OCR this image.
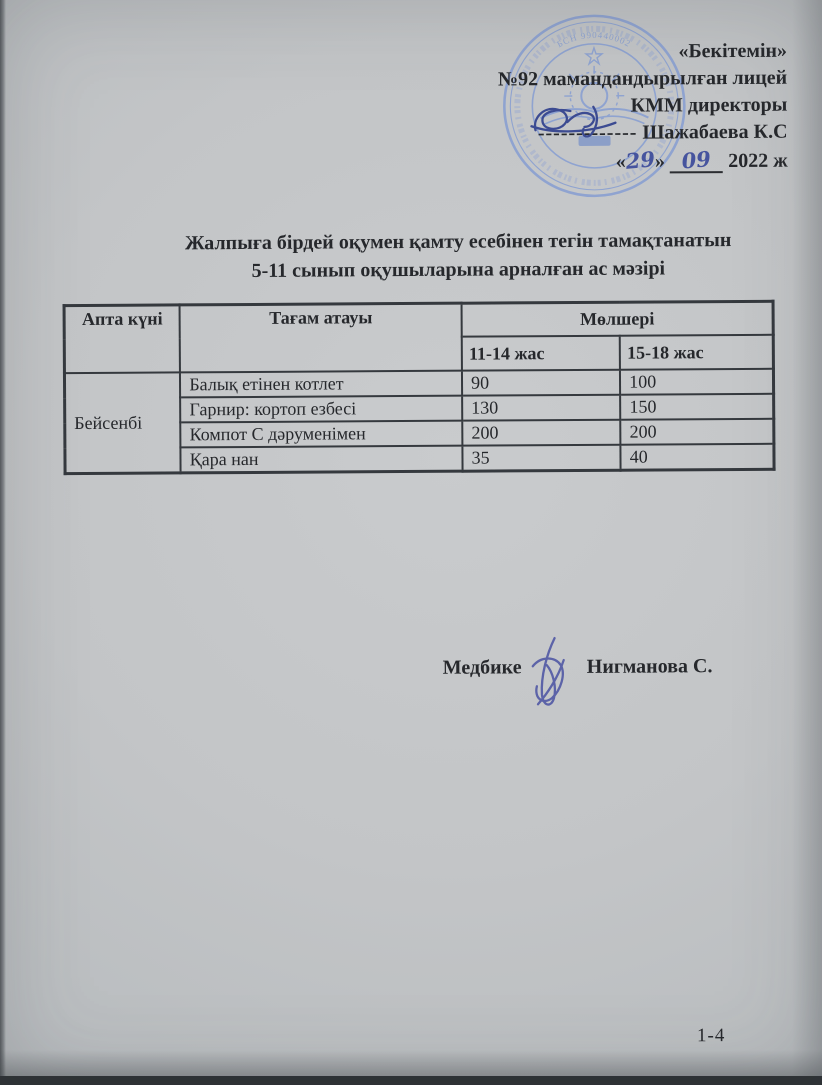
БСН 990440002	«Бекітемін»
№92 мамандандырылған лицей
КММ директоры
------------- Шажабаева К.С
«29» 09 2022 ж
Жалпыға бірдей оқумен қамту есебінен тегін тамақтанатын
5-11 сынып оқушыларына арналған ас мәзірі
Апта күні	Тағам атауы	Мөлшері	
		11-14 жас	15-18 жас
Бейсенбі	Балық етінен котлет	90	100
	Гарнир: кортоп езбесі	130	150
	Компот С дәруменімен	200	200
	Қара нан	35	40
Медбике	Нигманова С.
1-4
